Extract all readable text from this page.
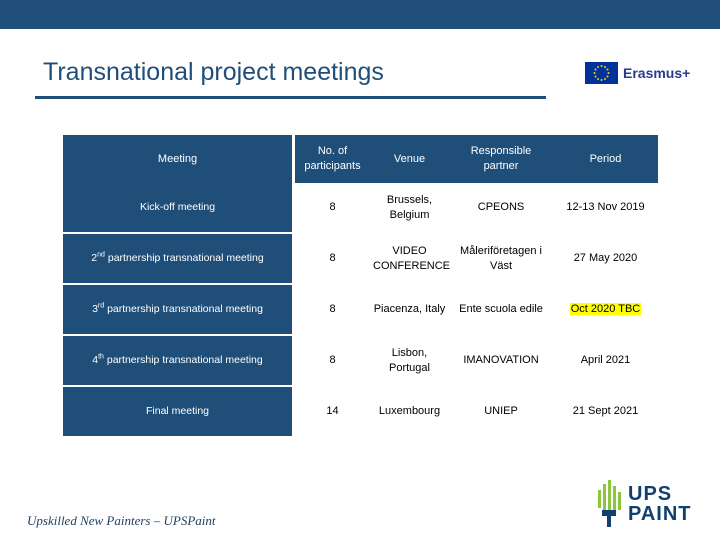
Transnational project meetings	Erasmus+
Meeting		No. of participants	Venue	Responsible partner	Period
Kick-off meeting		8	Brussels, Belgium	CPEONS	12-13 Nov 2019
2nd partnership transnational meeting		8	VIDEO CONFERENCE	Måleriföretagen i Väst	27 May 2020
3rd partnership transnational meeting		8	Piacenza, Italy	Ente scuola edile	Oct 2020 TBC
4th partnership transnational meeting		8	Lisbon, Portugal	IMANOVATION	April 2021
Final meeting		14	Luxembourg	UNIEP	21 Sept 2021
Upskilled New Painters – UPSPaint
UPS
PAINT
